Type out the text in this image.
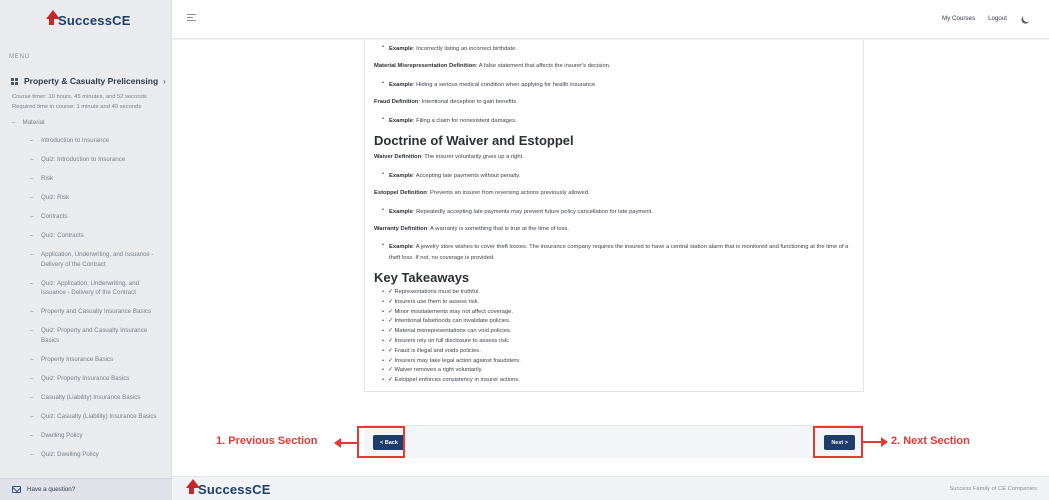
SuccessCE
MENU
Property & Casualty Prelicensing ›
Course timer: 10 hours, 45 minutes, and 52 seconds
Required time in course: 1 minute and 40 seconds
– Material
–	Introduction to Insurance
–	Quiz: Introduction to Insurance
–	Risk
–	Quiz: Risk
–	Contracts
–	Quiz: Contracts
–	Application, Underwriting, and Issuance - Delivery of the Contract
–	Quiz: Application, Underwriting, and Issuance - Delivery of the Contract
–	Property and Casualty Insurance Basics
–	Quiz: Property and Casualty Insurance Basics
–	Property Insurance Basics
–	Quiz: Property Insurance Basics
–	Casualty (Liability) Insurance Basics
–	Quiz: Casualty (Liability) Insurance Basics
–	Dwelling Policy
–	Quiz: Dwelling Policy
Have a question?
My Courses Logout
• Example: Incorrectly listing an incorrect birthdate.
Material Misrepresentation Definition: A false statement that affects the insurer's decision.
• Example: Hiding a serious medical condition when applying for health insurance.
Fraud Definition: Intentional deception to gain benefits.
• Example: Filing a claim for nonexistent damages.
Doctrine of Waiver and Estoppel
Waiver Definition: The insurer voluntarily gives up a right.
• Example: Accepting late payments without penalty.
Estoppel Definition: Prevents an insurer from reversing actions previously allowed.
• Example: Repeatedly accepting late payments may prevent future policy cancellation for late payment.
Warranty Definition: A warranty is something that is true at the time of loss.
• Example: A jewelry store wishes to cover theft losses. The insurance company requires the insured to have a central station alarm that is monitored and functioning at the time of a theft loss. If not, no coverage is provided.
Key Takeaways
• ✓ Representations must be truthful.
• ✓ Insurers use them to assess risk.
• ✓ Minor misstatements may not affect coverage.
• ✓ Intentional falsehoods can invalidate policies.
• ✓ Material misrepresentations can void policies.
• ✓ Insurers rely on full disclosure to assess risk.
• ✓ Fraud is illegal and voids policies.
• ✓ Insurers may take legal action against fraudsters.
• ✓ Waiver removes a right voluntarily.
• ✓ Estoppel enforces consistency in insurer actions.
< Back	Next >
1. Previous Section	2. Next Section
SuccessCE	Success Family of CE Companies
